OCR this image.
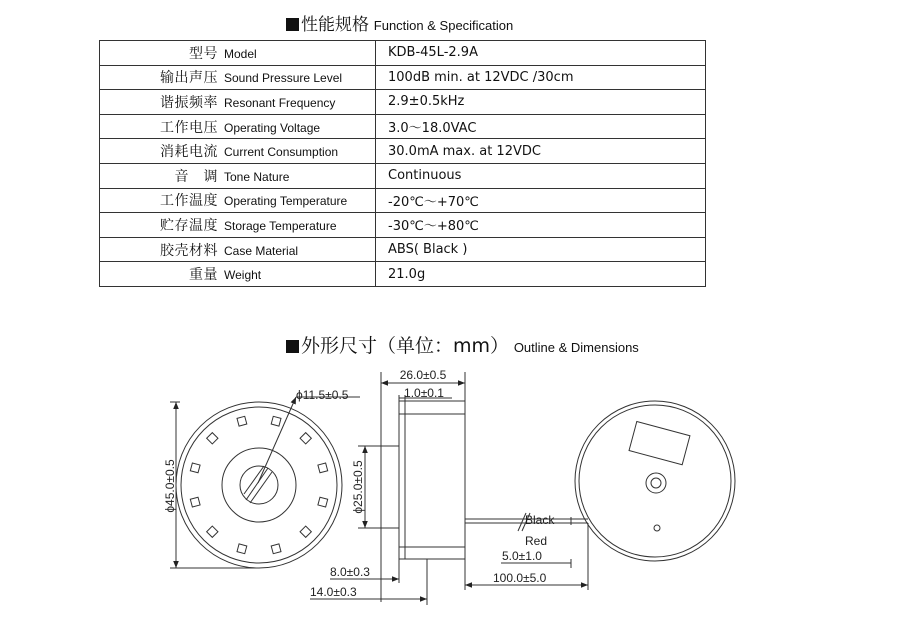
性能规格 Function & Specification
型号 Model	KDB-45L-2.9A
输出声压 Sound Pressure Level	100dB min. at 12VDC /30cm
谐振频率 Resonant Frequency	2.9±0.5kHz
工作电压 Operating Voltage	3.0～18.0VAC
消耗电流 Current Consumption	30.0mA max. at 12VDC
音　调 Tone Nature	Continuous
工作温度 Operating Temperature	-20℃～+70℃
贮存温度 Storage Temperature	-30℃～+80℃
胶壳材料 Case Material	ABS( Black )
重量 Weight	21.0g
外形尺寸（单位：mm） Outline & Dimensions
ϕ11.5±0.5
ϕ45.0±0.5	ϕ25.0±0.5
26.0±0.5
1.0±0.1
8.0±0.3
14.0±0.3
5.0±1.0
100.0±5.0
Black
Red
